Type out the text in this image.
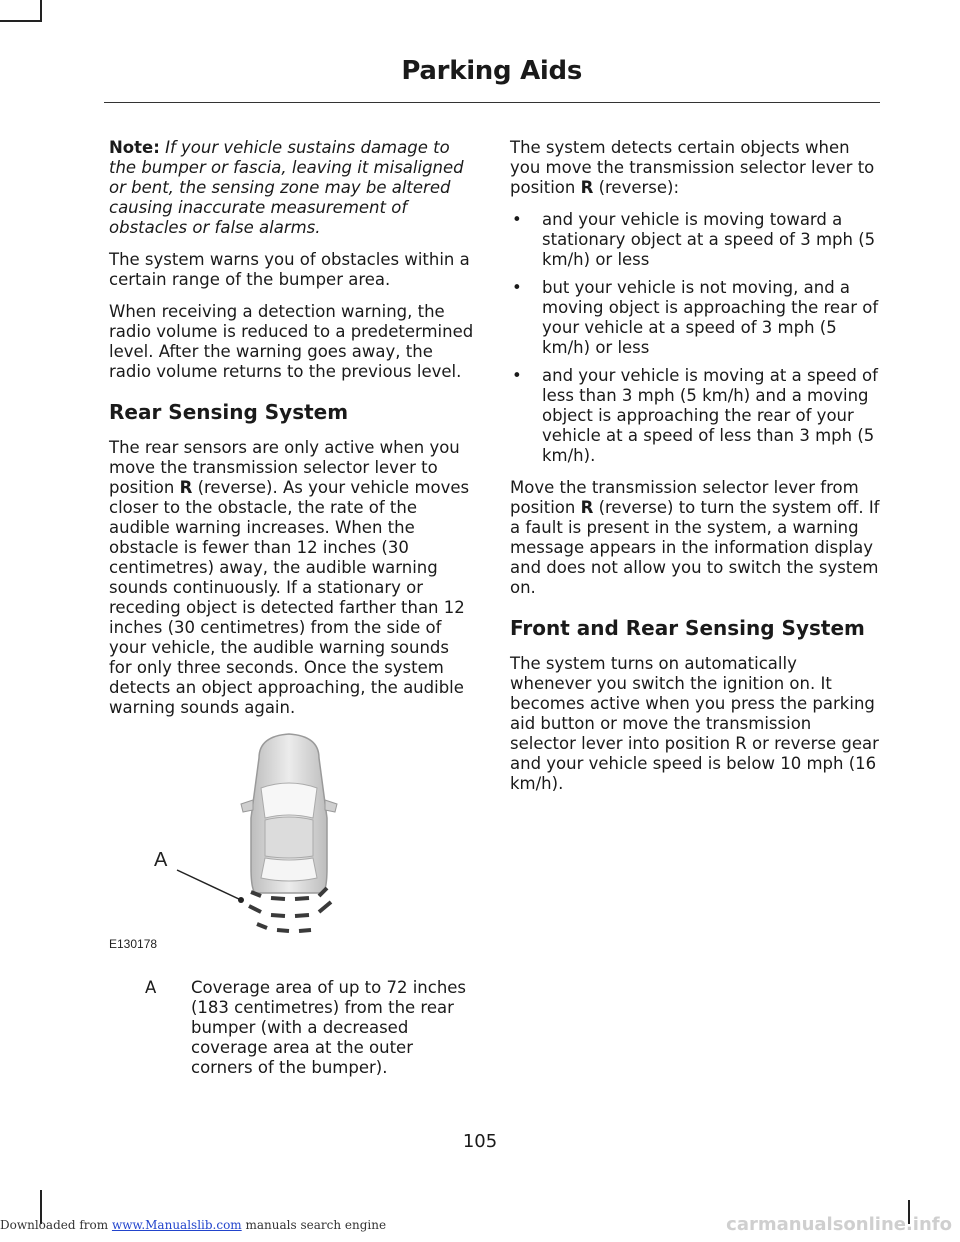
Parking Aids

Note: If your vehicle sustains damage to the bumper or fascia, leaving it misaligned or bent, the sensing zone may be altered causing inaccurate measurement of obstacles or false alarms.

The system warns you of obstacles within a certain range of the bumper area.

When receiving a detection warning, the radio volume is reduced to a predetermined level. After the warning goes away, the radio volume returns to the previous level.

Rear Sensing System

The rear sensors are only active when you move the transmission selector lever to position R (reverse). As your vehicle moves closer to the obstacle, the rate of the audible warning increases. When the obstacle is fewer than 12 inches (30 centimetres) away, the audible warning sounds continuously. If a stationary or receding object is detected farther than 12 inches (30 centimetres) from the side of your vehicle, the audible warning sounds for only three seconds. Once the system detects an object approaching, the audible warning sounds again.

A
E130178
A Coverage area of up to 72 inches (183 centimetres) from the rear bumper (with a decreased coverage area at the outer corners of the bumper).

The system detects certain objects when you move the transmission selector lever to position R (reverse):

• and your vehicle is moving toward a stationary object at a speed of 3 mph (5 km/h) or less
• but your vehicle is not moving, and a moving object is approaching the rear of your vehicle at a speed of 3 mph (5 km/h) or less
• and your vehicle is moving at a speed of less than 3 mph (5 km/h) and a moving object is approaching the rear of your vehicle at a speed of less than 3 mph (5 km/h).

Move the transmission selector lever from position R (reverse) to turn the system off. If a fault is present in the system, a warning message appears in the information display and does not allow you to switch the system on.

Front and Rear Sensing System

The system turns on automatically whenever you switch the ignition on. It becomes active when you press the parking aid button or move the transmission selector lever into position R or reverse gear and your vehicle speed is below 10 mph (16 km/h).

105
Downloaded from www.Manualslib.com manuals search engine	carmanualsonline.info
